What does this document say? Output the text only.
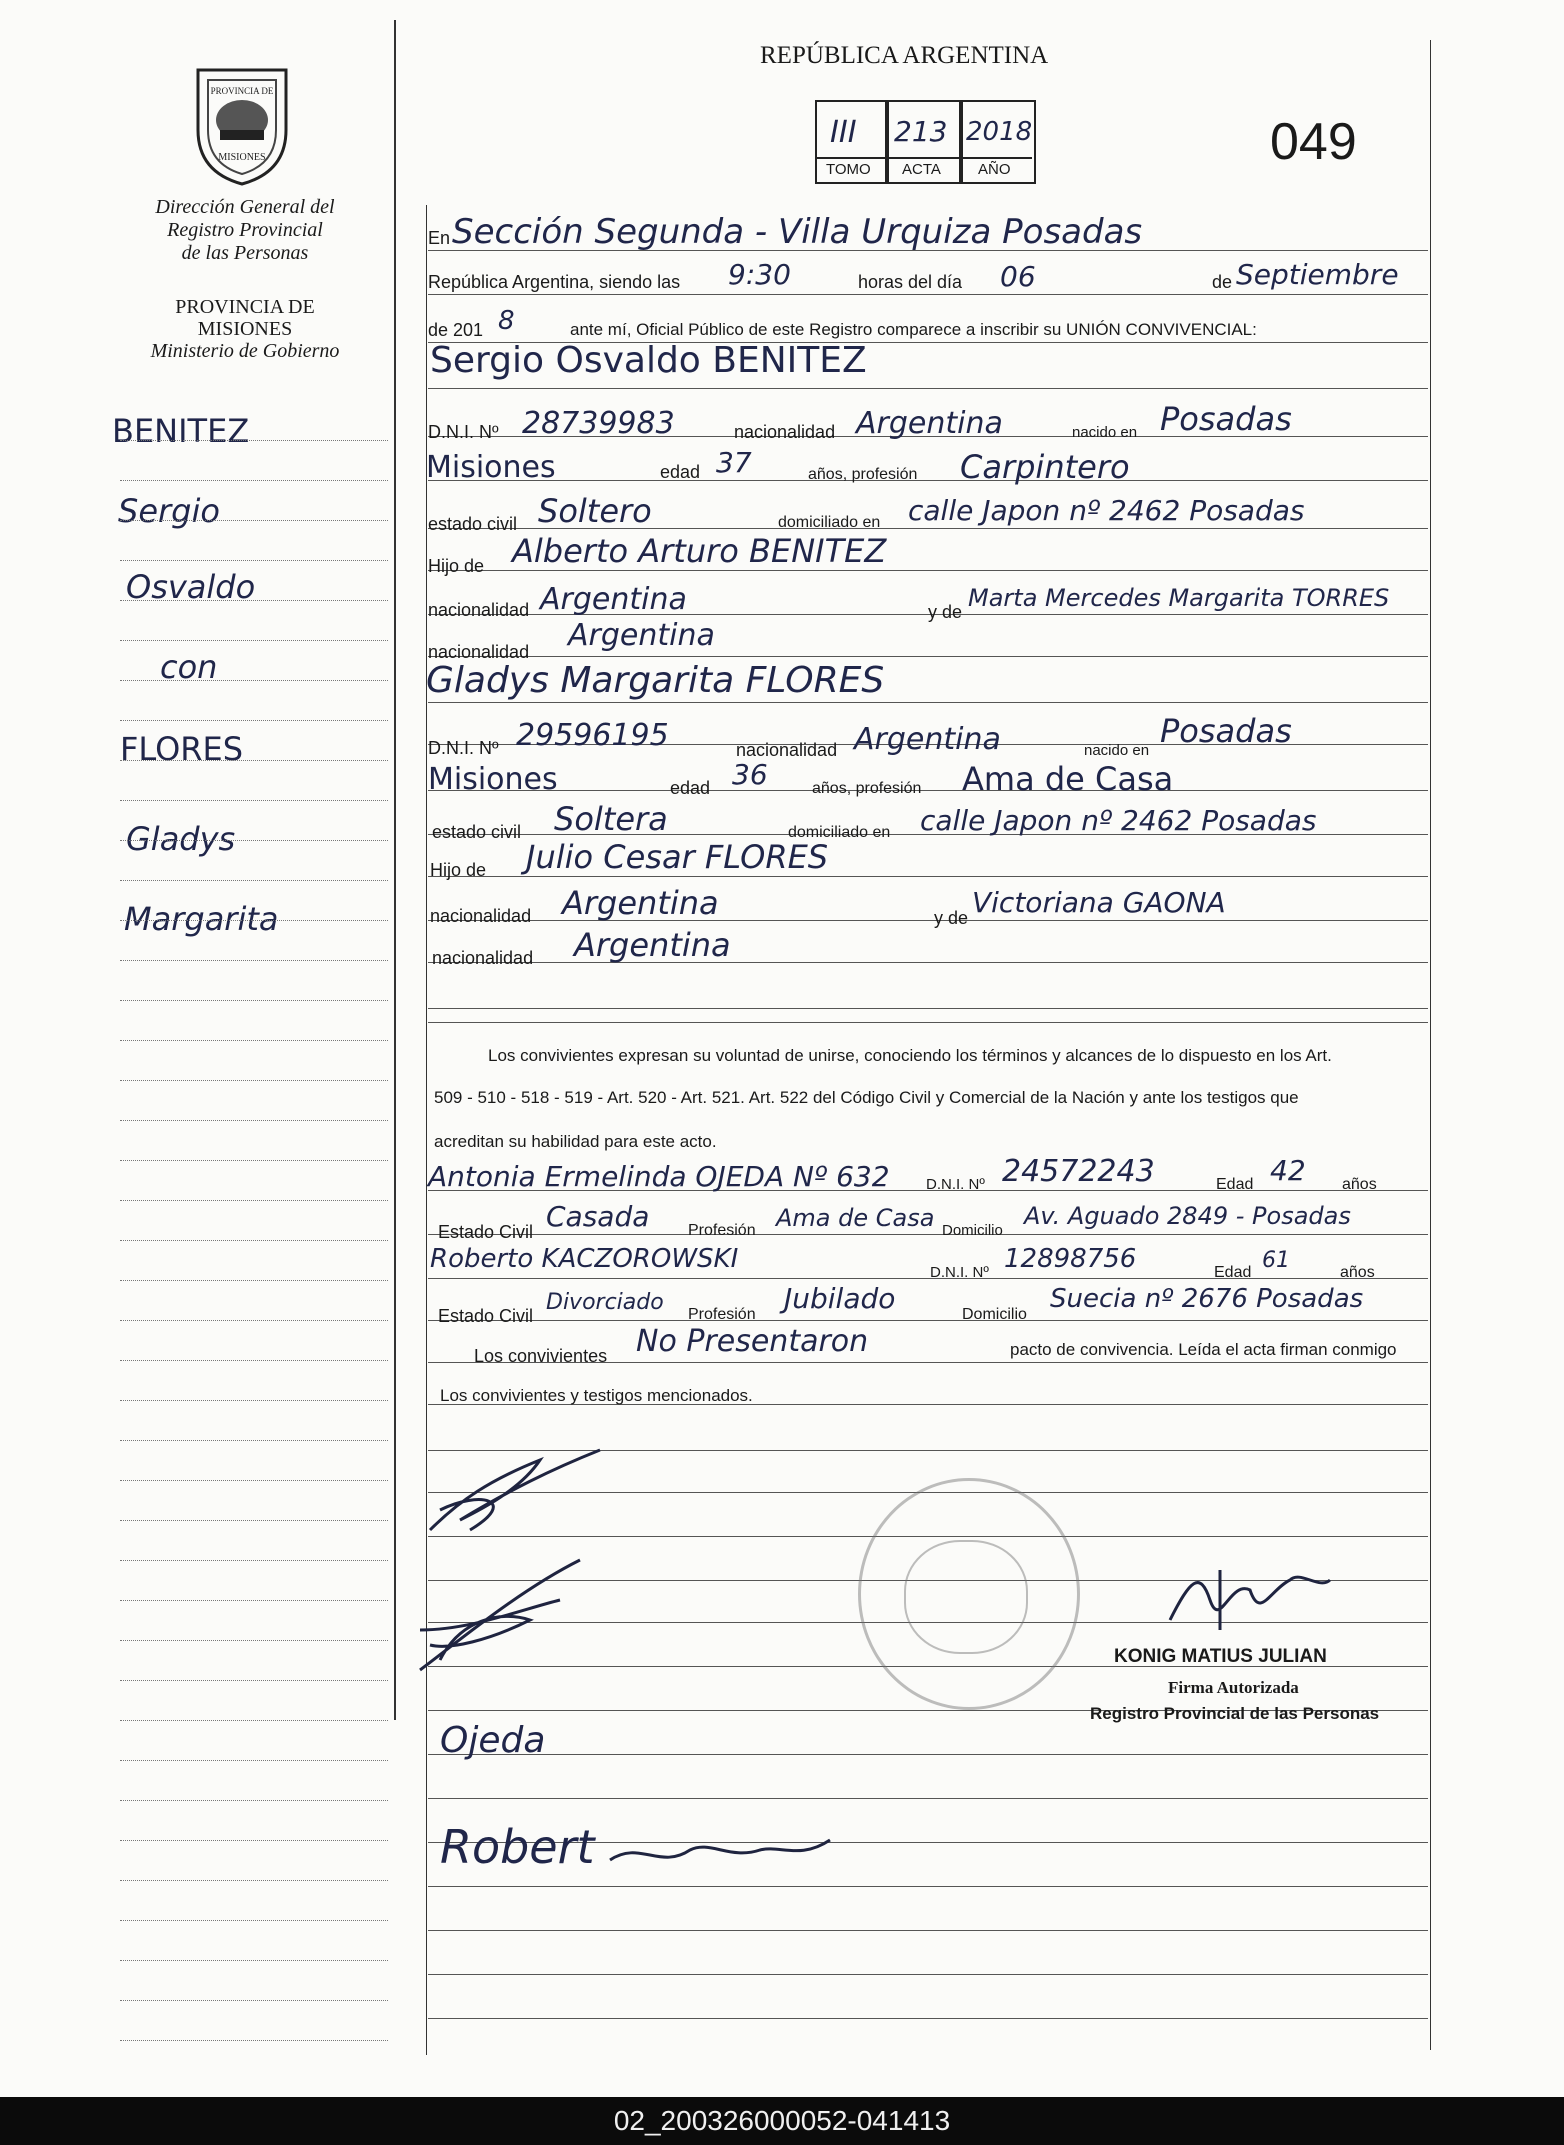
REPÚBLICA ARGENTINA
049
III 213 2018
TOMO ACTA AÑO
PROVINCIA DE
MISIONES
Dirección General del
Registro Provincial
de las Personas
PROVINCIA DE
MISIONES
Ministerio de Gobierno
BENITEZ
Sergio
Osvaldo
con
FLORES
Gladys
Margarita
En Sección Segunda - Villa Urquiza Posadas
República Argentina, siendo las 9:30	horas del día 06	de Septiembre
de 201 8	ante mí, Oficial Público de este Registro comparece a inscribir su UNIÓN CONVIVENCIAL:
Sergio Osvaldo BENITEZ
D.N.I. Nº 28739983	nacionalidad Argentina	nacido en Posadas
Misiones	edad 37	años, profesión Carpintero
estado civil Soltero	domiciliado en calle Japon nº 2462 Posadas
Hijo de Alberto Arturo BENITEZ
nacionalidad Argentina	y de Marta Mercedes Margarita TORRES
nacionalidad Argentina
Gladys Margarita FLORES
D.N.I. Nº 29596195	nacionalidad Argentina	nacido en
Posadas
Misiones	edad 36	años, profesión Ama de Casa
estado civil Soltera	domiciliado en calle Japon nº 2462 Posadas
Hijo de Julio Cesar FLORES
nacionalidad Argentina	y de Victoriana GAONA
nacionalidad Argentina
Los convivientes expresan su voluntad de unirse, conociendo los términos y alcances de lo dispuesto en los Art.
509 - 510 - 518 - 519 - Art. 520 - Art. 521. Art. 522 del Código Civil y Comercial de la Nación y ante los testigos que
acreditan su habilidad para este acto.
Antonia Ermelinda OJEDA Nº 632 D.N.I. Nº 24572243	Edad 42 años
Estado Civil Casada Profesión Ama de Casa Domicilio
Av. Aguado 2849 - Posadas
Roberto KACZOROWSKI	D.N.I. Nº 12898756	Edad 61	años
Estado Civil
Divorciado Profesión Jubilado	Domicilio
Suecia nº 2676 Posadas
Los convivientes No Presentaron	pacto de convivencia. Leída el acta firman conmigo
Los convivientes y testigos mencionados.
Ojeda
Robert
KONIG MATIUS JULIAN
Firma Autorizada
Registro Provincial de las Personas
02_200326000052-041413
